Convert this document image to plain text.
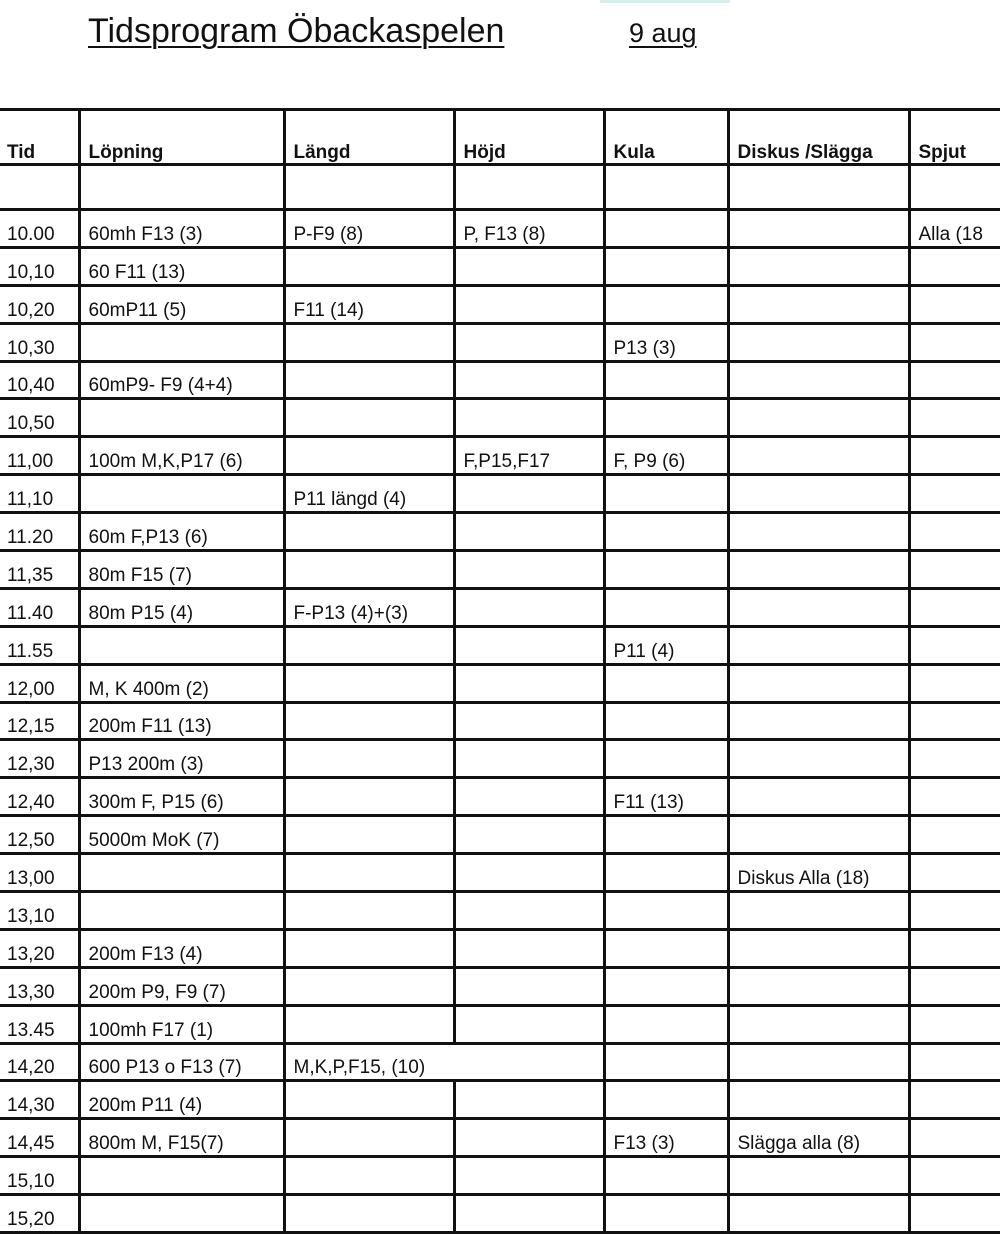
Tidsprogram Öbackaspelen	9 aug
Tid	Löpning	Längd	Höjd	Kula	Diskus /Slägga	Spjut

10.00	60mh F13 (3)	P-F9 (8)	P, F13 (8)			Alla (18
10,10	60 F11 (13)					
10,20	60mP11 (5)	F11 (14)				
10,30				P13 (3)		
10,40	60mP9- F9 (4+4)					
10,50						
11,00	100m M,K,P17 (6)		F,P15,F17	F, P9 (6)		
11,10		P11 längd (4)				
11.20	60m F,P13 (6)					
11,35	80m F15 (7)					
11.40	80m P15 (4)	F-P13 (4)+(3)				
11.55				P11 (4)		
12,00	M, K 400m (2)					
12,15	200m F11 (13)					
12,30	P13 200m (3)					
12,40	300m F, P15 (6)			F11 (13)		
12,50	5000m MoK (7)					
13,00					Diskus Alla (18)	
13,10						
13,20	200m F13 (4)					
13,30	200m P9, F9 (7)					
13.45	100mh F17 (1)					
14,20	600 P13 o F13 (7)	M,K,P,F15, (10)				
14,30	200m P11 (4)					
14,45	800m M, F15(7)			F13 (3)	Slägga alla (8)	
15,10						
15,20						
